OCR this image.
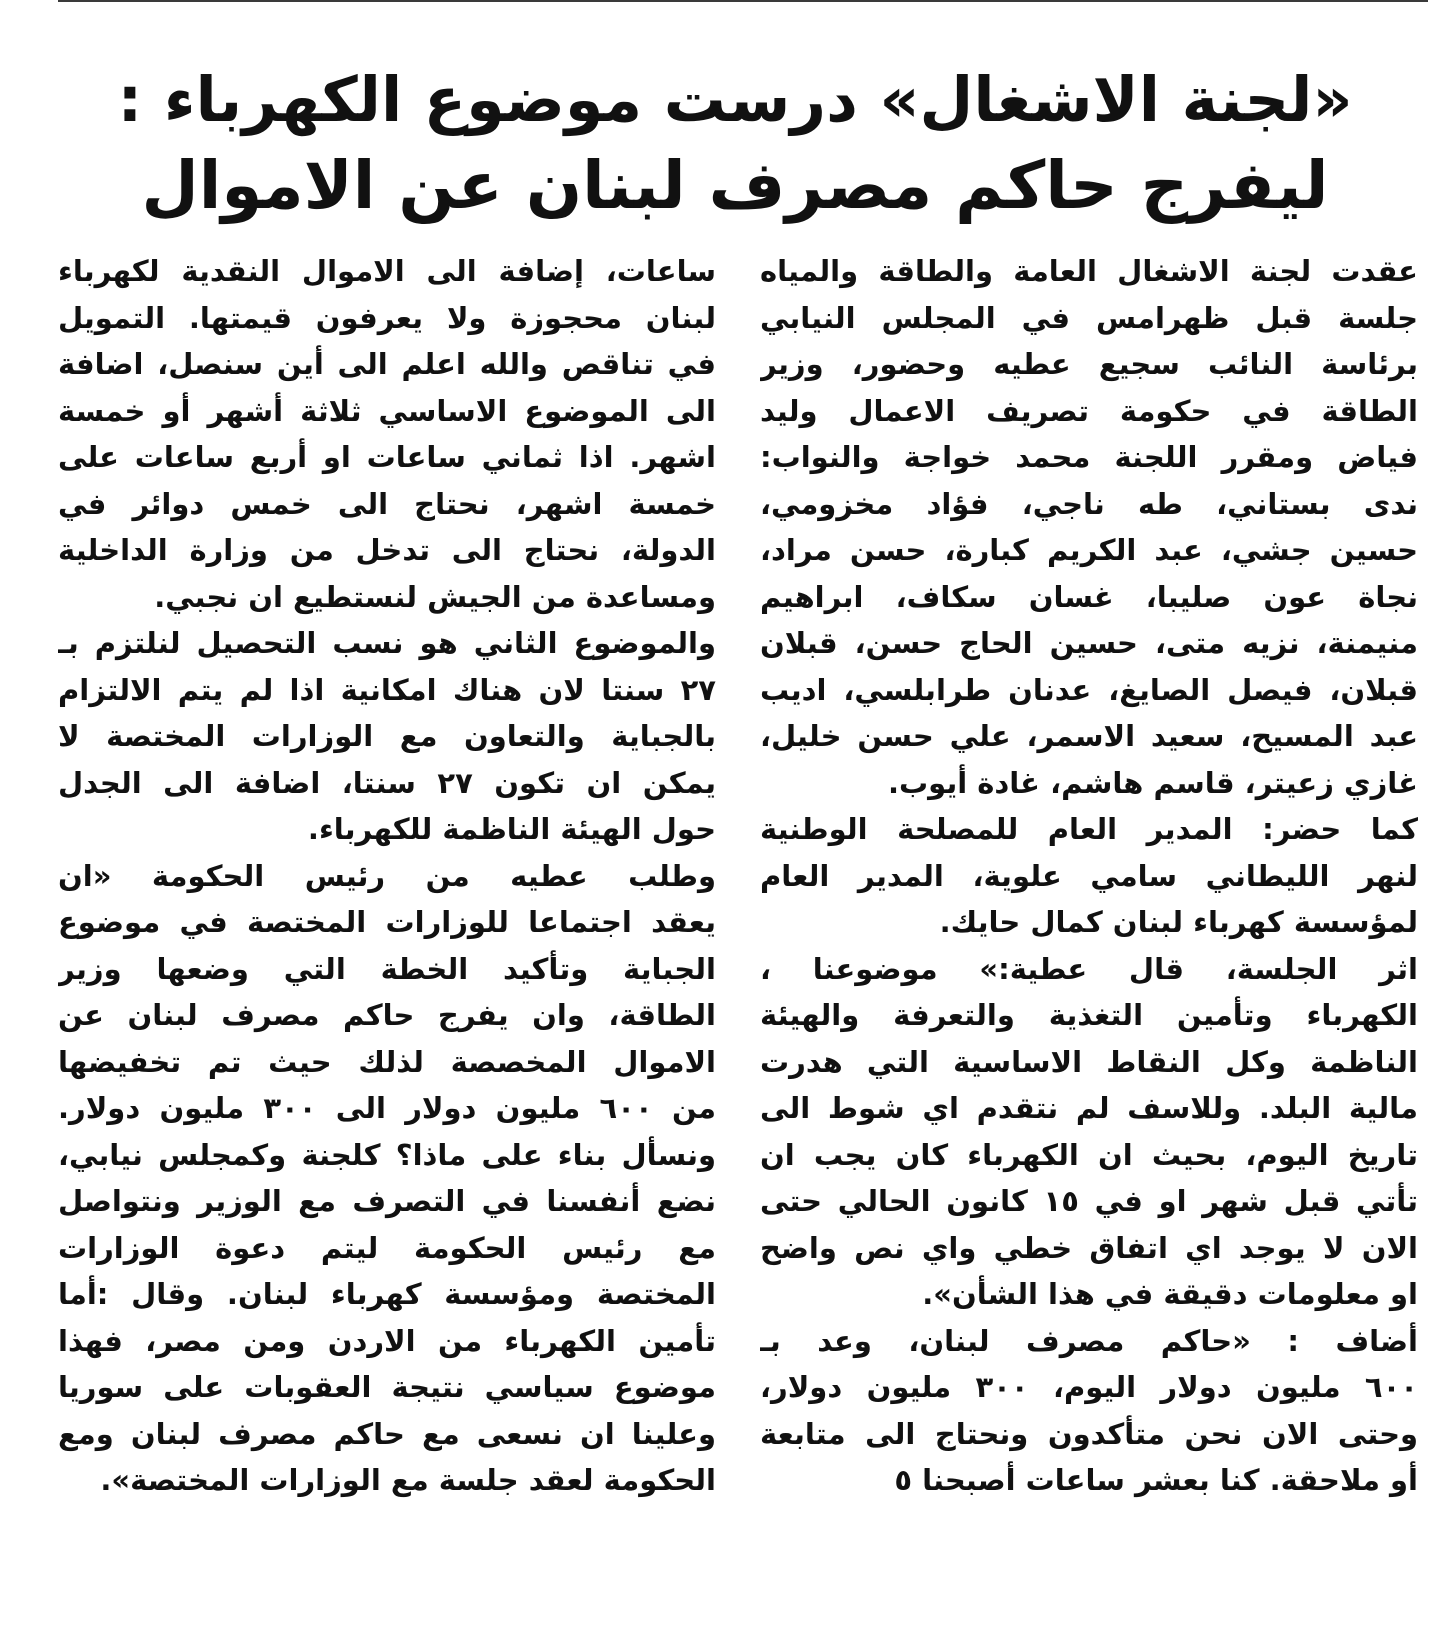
«لجنة الاشغال» درست موضوع الكهرباء :
ليفرج حاكم مصرف لبنان عن الاموال
عقدت لجنة الاشغال العامة والطاقة والمياه
جلسة قبل ظهرامس في المجلس النيابي
برئاسة النائب سجيع عطيه وحضور، وزير
الطاقة في حكومة تصريف الاعمال وليد
فياض ومقرر اللجنة محمد خواجة والنواب:
ندى بستاني، طه ناجي، فؤاد مخزومي،
حسين جشي، عبد الكريم كبارة، حسن مراد،
نجاة عون صليبا، غسان سكاف، ابراهيم
منيمنة، نزيه متى، حسين الحاج حسن، قبلان
قبلان، فيصل الصايغ، عدنان طرابلسي، اديب
عبد المسيح، سعيد الاسمر، علي حسن خليل،
غازي زعيتر، قاسم هاشم، غادة أيوب.
كما حضر: المدير العام للمصلحة الوطنية
لنهر الليطاني سامي علوية، المدير العام
لمؤسسة كهرباء لبنان كمال حايك.
اثر الجلسة، قال عطية:» موضوعنا ،
الكهرباء وتأمين التغذية والتعرفة والهيئة
الناظمة وكل النقاط الاساسية التي هدرت
مالية البلد. وللاسف لم نتقدم اي شوط الى
تاريخ اليوم، بحيث ان الكهرباء كان يجب ان
تأتي قبل شهر او في ١٥ كانون الحالي حتى
الان لا يوجد اي اتفاق خطي واي نص واضح
او معلومات دقيقة في هذا الشأن».
أضاف : «حاكم مصرف لبنان، وعد بـ
٦٠٠ مليون دولار اليوم، ٣٠٠ مليون دولار،
وحتى الان نحن متأكدون ونحتاج الى متابعة
أو ملاحقة. كنا بعشر ساعات أصبحنا ٥
ساعات، إضافة الى الاموال النقدية لكهرباء
لبنان محجوزة ولا يعرفون قيمتها. التمويل
في تناقص والله اعلم الى أين سنصل، اضافة
الى الموضوع الاساسي ثلاثة أشهر أو خمسة
اشهر. اذا ثماني ساعات او أربع ساعات على
خمسة اشهر، نحتاج الى خمس دوائر في
الدولة، نحتاج الى تدخل من وزارة الداخلية
ومساعدة من الجيش لنستطيع ان نجبي.
والموضوع الثاني هو نسب التحصيل لنلتزم بـ
٢٧ سنتا لان هناك امكانية اذا لم يتم الالتزام
بالجباية والتعاون مع الوزارات المختصة لا
يمكن ان تكون ٢٧ سنتا، اضافة الى الجدل
حول الهيئة الناظمة للكهرباء.
وطلب عطيه من رئيس الحكومة «ان
يعقد اجتماعا للوزارات المختصة في موضوع
الجباية وتأكيد الخطة التي وضعها وزير
الطاقة، وان يفرج حاكم مصرف لبنان عن
الاموال المخصصة لذلك حيث تم تخفيضها
من ٦٠٠ مليون دولار الى ٣٠٠ مليون دولار.
ونسأل بناء على ماذا؟ كلجنة وكمجلس نيابي،
نضع أنفسنا في التصرف مع الوزير ونتواصل
مع رئيس الحكومة ليتم دعوة الوزارات
المختصة ومؤسسة كهرباء لبنان. وقال :أما
تأمين الكهرباء من الاردن ومن مصر، فهذا
موضوع سياسي نتيجة العقوبات على سوريا
وعلينا ان نسعى مع حاكم مصرف لبنان ومع
الحكومة لعقد جلسة مع الوزارات المختصة».
